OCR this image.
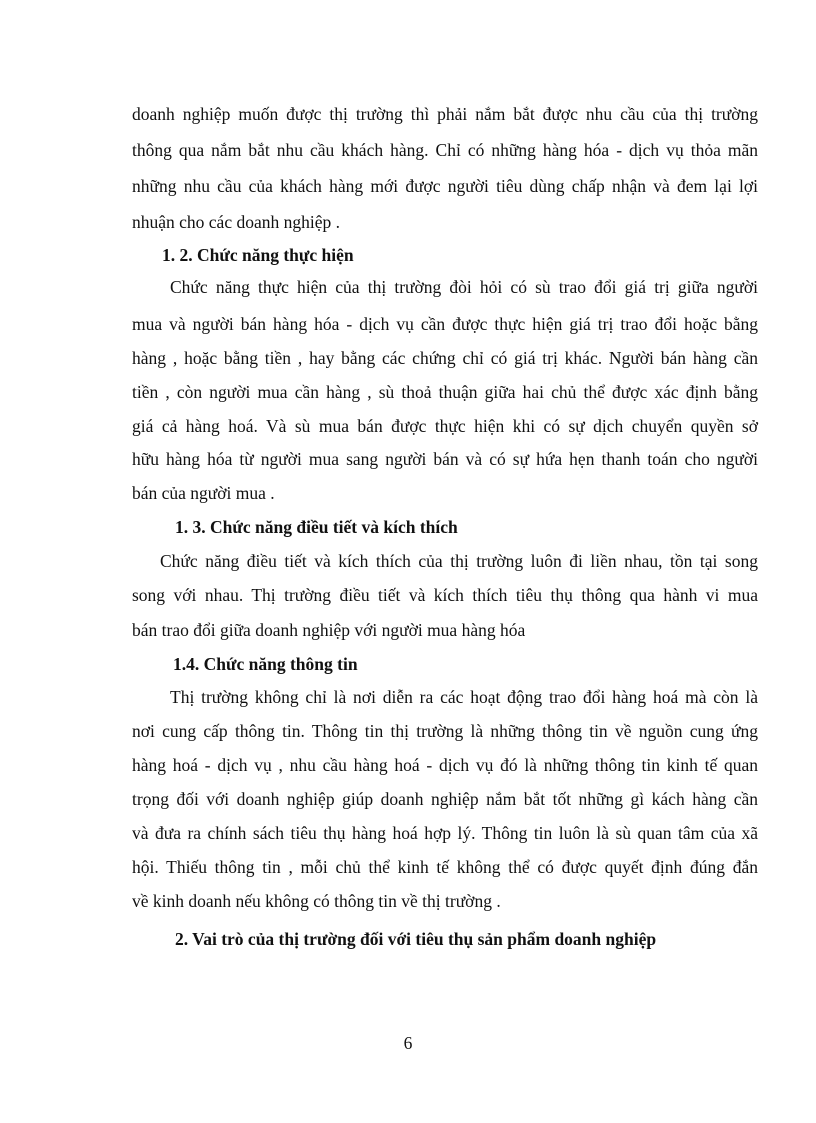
doanh nghiệp muốn được thị trường thì phải nắm bắt được nhu cầu của thị trường
thông qua nắm bắt nhu cầu khách hàng. Chỉ có những hàng hóa - dịch vụ thỏa mãn
những nhu cầu của khách hàng mới được người tiêu dùng chấp nhận và đem lại lợi
nhuận cho các doanh nghiệp .
1. 2. Chức năng thực hiện
Chức năng thực hiện của thị trường đòi hỏi có sù trao đổi giá trị giữa người
mua và người bán hàng hóa - dịch vụ cần được thực hiện giá trị trao đổi hoặc bằng
hàng , hoặc bằng tiền , hay bằng các chứng chỉ có giá trị khác. Người bán hàng cần
tiền , còn người mua cần hàng , sù thoả thuận giữa hai chủ thể được xác định bằng
giá cả hàng hoá. Và sù mua bán được thực hiện khi có sự dịch chuyển quyền sở
hữu hàng hóa từ người mua sang người bán và có sự hứa hẹn thanh toán cho người
bán của người mua .
1. 3. Chức năng điều tiết và kích thích
Chức năng điều tiết và kích thích của thị trường luôn đi liền nhau, tồn tại song
song với nhau. Thị trường điều tiết và kích thích tiêu thụ thông qua hành vi mua
bán trao đổi giữa doanh nghiệp với người mua hàng hóa
1.4. Chức năng thông tin
Thị trường không chỉ là nơi diễn ra các hoạt động trao đổi hàng hoá mà còn là
nơi cung cấp thông tin. Thông tin thị trường là những thông tin về nguồn cung ứng
hàng hoá - dịch vụ , nhu cầu hàng hoá - dịch vụ đó là những thông tin kinh tế quan
trọng đối với doanh nghiệp giúp doanh nghiệp nắm bắt tốt những gì kách hàng cần
và đưa ra chính sách tiêu thụ hàng hoá hợp lý. Thông tin luôn là sù quan tâm của xã
hội. Thiếu thông tin , mỗi chủ thể kinh tế không thể có được quyết định đúng đắn
về kinh doanh nếu không có thông tin về thị trường .
2. Vai trò của thị trường đối với tiêu thụ sản phẩm doanh nghiệp
6
